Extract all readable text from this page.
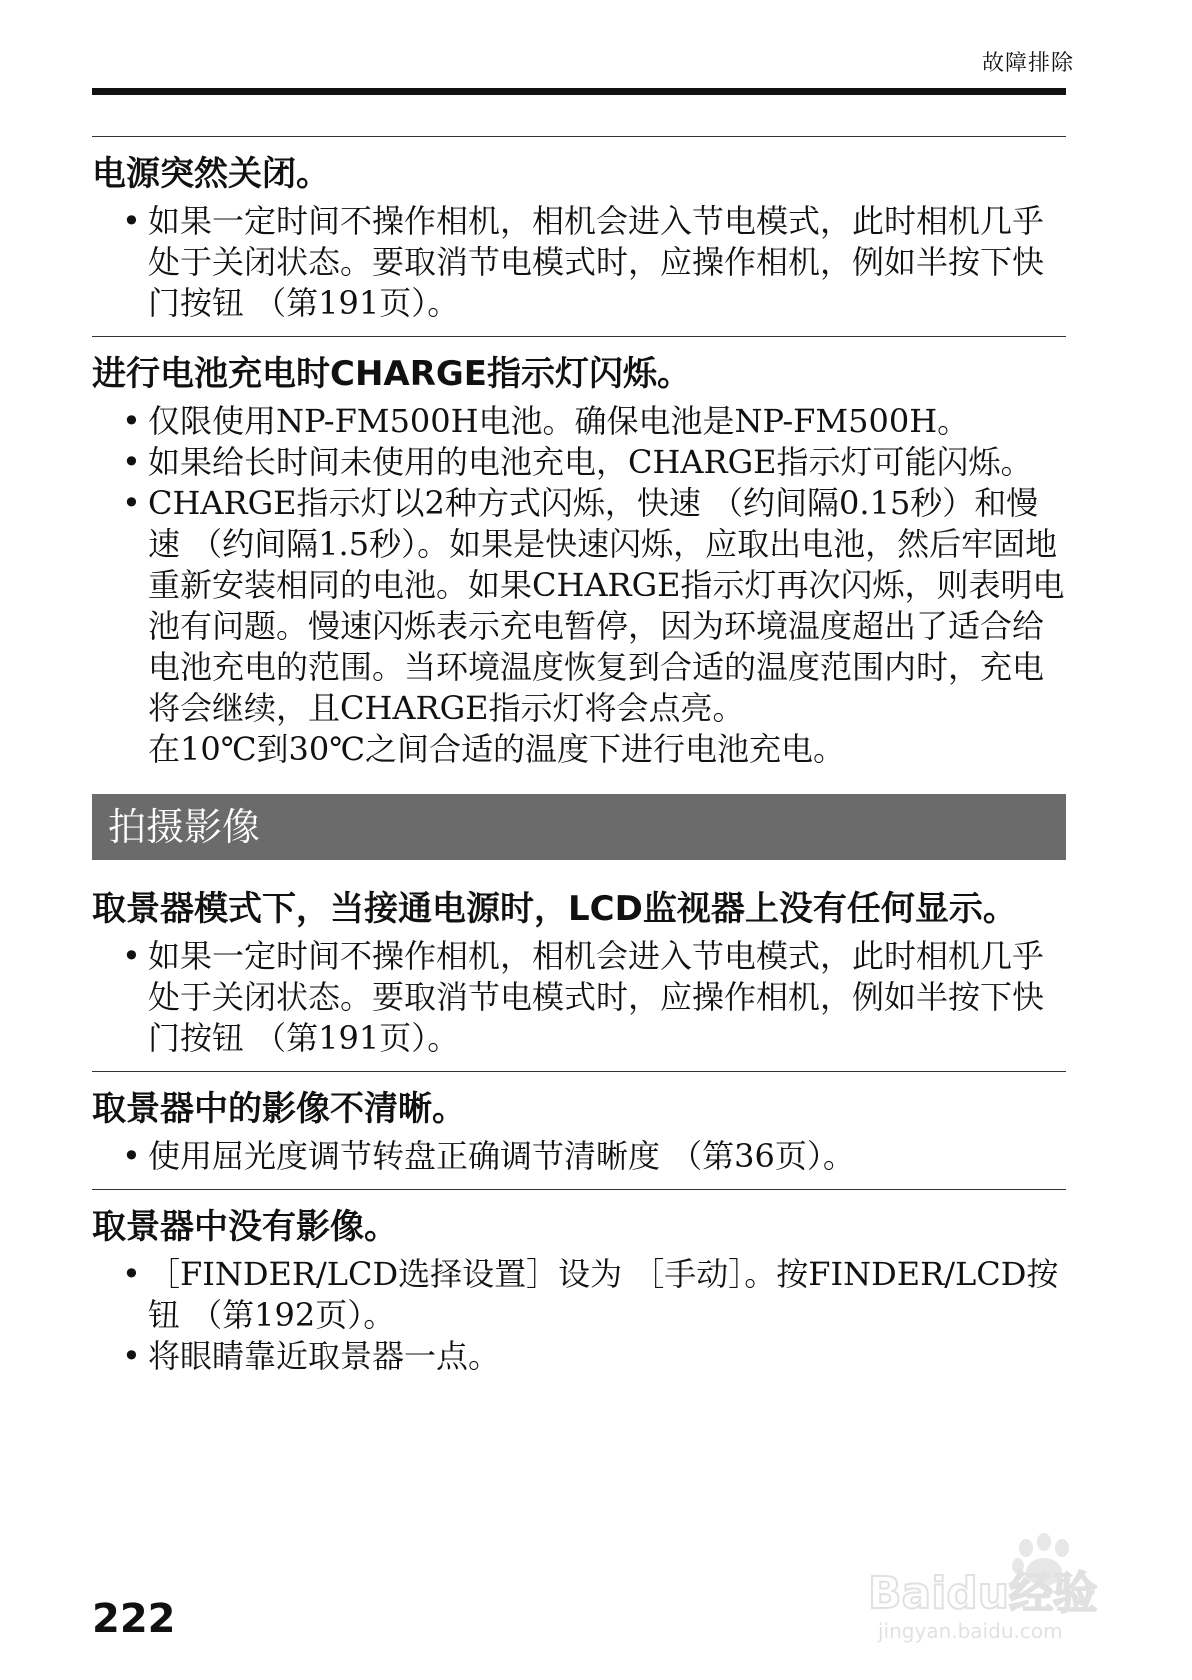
故障排除
电源突然关闭。
• 如果一定时间不操作相机，相机会进入节电模式，此时相机几乎处于关闭状态。要取消节电模式时，应操作相机，例如半按下快门按钮 （第191页）。
进行电池充电时CHARGE指示灯闪烁。
• 仅限使用NP-FM500H电池。确保电池是NP-FM500H。
• 如果给长时间未使用的电池充电，CHARGE指示灯可能闪烁。
• CHARGE指示灯以2种方式闪烁，快速 （约间隔0.15秒）和慢速 （约间隔1.5秒）。如果是快速闪烁，应取出电池，然后牢固地重新安装相同的电池。如果CHARGE指示灯再次闪烁，则表明电池有问题。慢速闪烁表示充电暂停，因为环境温度超出了适合给电池充电的范围。当环境温度恢复到合适的温度范围内时，充电将会继续，且CHARGE指示灯将会点亮。
在10℃到30℃之间合适的温度下进行电池充电。
拍摄影像
取景器模式下，当接通电源时，LCD监视器上没有任何显示。
• 如果一定时间不操作相机，相机会进入节电模式，此时相机几乎处于关闭状态。要取消节电模式时，应操作相机，例如半按下快门按钮 （第191页）。
取景器中的影像不清晰。
• 使用屈光度调节转盘正确调节清晰度 （第36页）。
取景器中没有影像。
• ［FINDER/LCD选择设置］设为 ［手动］。按FINDER/LCD按钮 （第192页）。
• 将眼睛靠近取景器一点。
222	Baidu经验
jingyan.baidu.com
